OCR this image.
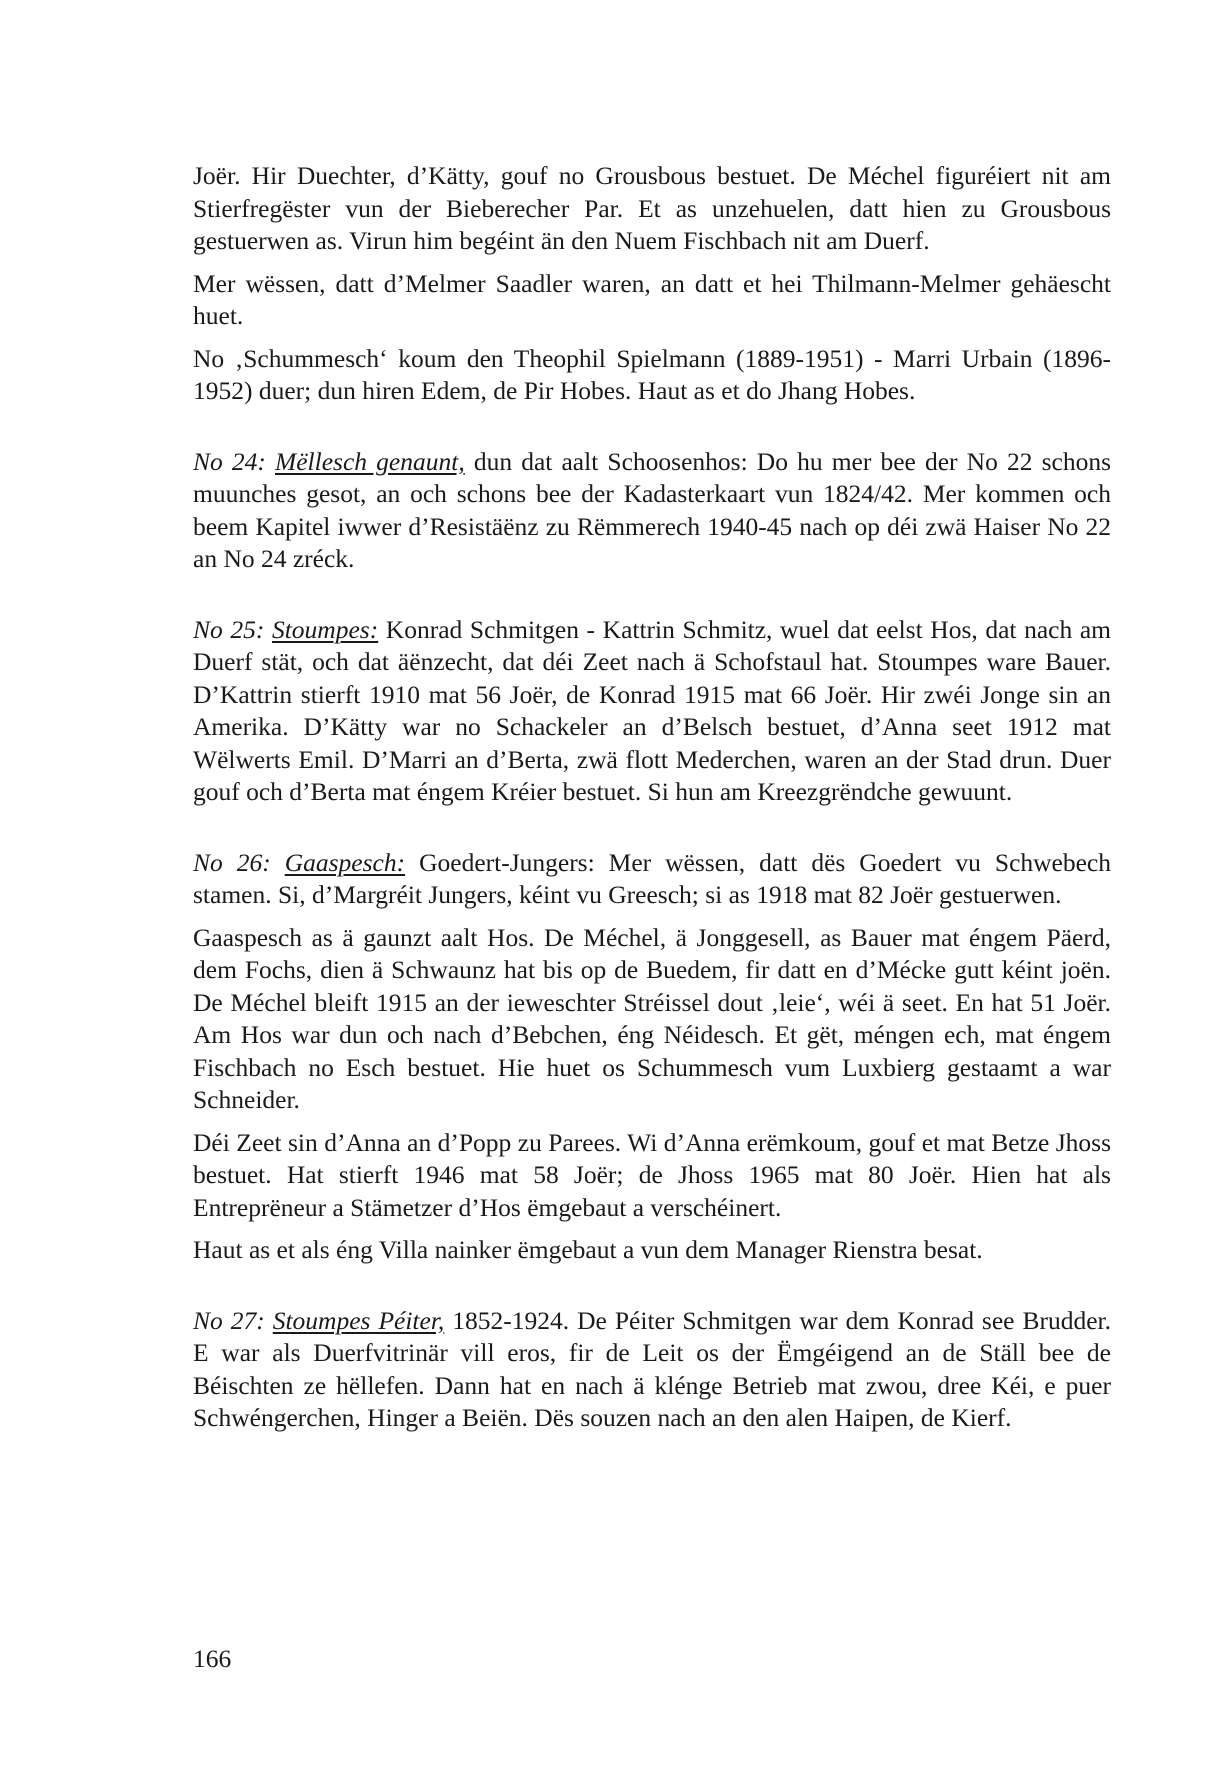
Joër. Hir Duechter, d’Kätty, gouf no Grousbous bestuet. De Méchel figuréiert nit am Stierfregëster vun der Bieberecher Par. Et as unzehuelen, datt hien zu Grousbous gestuerwen as. Virun him begéint än den Nuem Fischbach nit am Duerf.

Mer wëssen, datt d’Melmer Saadler waren, an datt et hei Thilmann-Melmer gehäescht huet.

No ‚Schummesch‘ koum den Theophil Spielmann (1889-1951) - Marri Urbain (1896-1952) duer; dun hiren Edem, de Pir Hobes. Haut as et do Jhang Hobes.

No 24: Mëllesch genaunt, dun dat aalt Schoosenhos: Do hu mer bee der No 22 schons muunches gesot, an och schons bee der Kadasterkaart vun 1824/42. Mer kommen och beem Kapitel iwwer d’Resistäënz zu Rëmmerech 1940-45 nach op déi zwä Haiser No 22 an No 24 zréck.

No 25: Stoumpes: Konrad Schmitgen - Kattrin Schmitz, wuel dat eelst Hos, dat nach am Duerf stät, och dat äënzecht, dat déi Zeet nach ä Schofstaul hat. Stoumpes ware Bauer. D’Kattrin stierft 1910 mat 56 Joër, de Konrad 1915 mat 66 Joër. Hir zwéi Jonge sin an Amerika. D’Kätty war no Schackeler an d’Belsch bestuet, d’Anna seet 1912 mat Wëlwerts Emil. D’Marri an d’Berta, zwä flott Mederchen, waren an der Stad drun. Duer gouf och d’Berta mat éngem Kréier bestuet. Si hun am Kreezgrëndche gewuunt.

No 26: Gaaspesch: Goedert-Jungers: Mer wëssen, datt dës Goedert vu Schwebech stamen. Si, d’Margréit Jungers, kéint vu Greesch; si as 1918 mat 82 Joër gestuerwen.

Gaaspesch as ä gaunzt aalt Hos. De Méchel, ä Jonggesell, as Bauer mat éngem Päerd, dem Fochs, dien ä Schwaunz hat bis op de Buedem, fir datt en d’Mécke gutt kéint joën. De Méchel bleift 1915 an der ieweschter Stréissel dout ‚leie‘, wéi ä seet. En hat 51 Joër. Am Hos war dun och nach d’Bebchen, éng Néidesch. Et gët, méngen ech, mat éngem Fischbach no Esch bestuet. Hie huet os Schummesch vum Luxbierg gestaamt a war Schneider.

Déi Zeet sin d’Anna an d’Popp zu Parees. Wi d’Anna erëmkoum, gouf et mat Betze Jhoss bestuet. Hat stierft 1946 mat 58 Joër; de Jhoss 1965 mat 80 Joër. Hien hat als Entreprëneur a Stämetzer d’Hos ëmgebaut a verschéinert.

Haut as et als éng Villa nainker ëmgebaut a vun dem Manager Rienstra besat.

No 27: Stoumpes Péiter, 1852-1924. De Péiter Schmitgen war dem Konrad see Brudder. E war als Duerfvitrinär vill eros, fir de Leit os der Ëmgéigend an de Ställ bee de Béischten ze hëllefen. Dann hat en nach ä kléngе Betrieb mat zwou, dree Kéi, e puer Schwéngerchen, Hinger a Beiën. Dës souzen nach an den alen Haipen, de Kierf.

166
